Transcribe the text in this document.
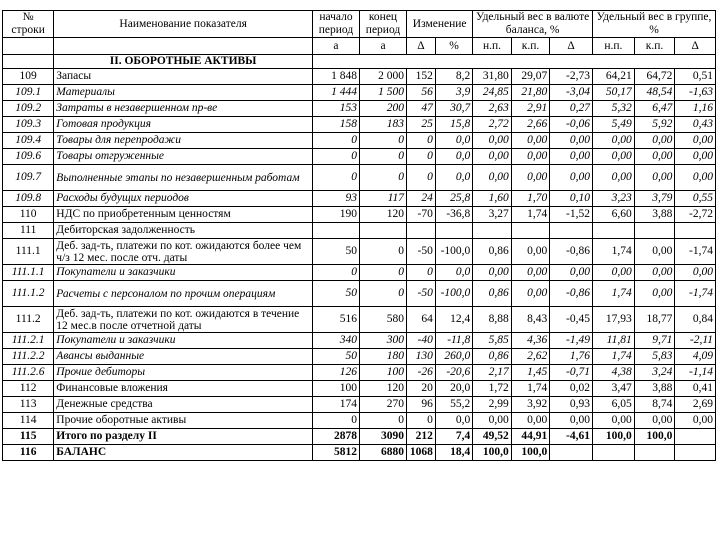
№ строки	Наименование показателя	начало период	конец период	Изменение		Удельный вес в валюте баланса, %			Удельный вес в группе, %		

		а	а	Δ	%	н.п.	к.п.	Δ	н.п.	к.п.	Δ
	II. ОБОРОТНЫЕ АКТИВЫ										
109	Запасы	1 848	2 000	152	8,2	31,80	29,07	-2,73	64,21	64,72	0,51
109.1	Материалы	1 444	1 500	56	3,9	24,85	21,80	-3,04	50,17	48,54	-1,63
109.2	Затраты в незавершенном пр-ве	153	200	47	30,7	2,63	2,91	0,27	5,32	6,47	1,16
109.3	Готовая продукция	158	183	25	15,8	2,72	2,66	-0,06	5,49	5,92	0,43
109.4	Товары для перепродажи	0	0	0	0,0	0,00	0,00	0,00	0,00	0,00	0,00
109.6	Товары отгруженные	0	0	0	0,0	0,00	0,00	0,00	0,00	0,00	0,00
109.7	Выполненные этапы по незавершенным работам	0	0	0	0,0	0,00	0,00	0,00	0,00	0,00	0,00
109.8	Расходы будущих периодов	93	117	24	25,8	1,60	1,70	0,10	3,23	3,79	0,55
110	НДС по приобретенным ценностям	190	120	-70	-36,8	3,27	1,74	-1,52	6,60	3,88	-2,72
111	Дебиторская задолженность										
111.1	Деб. зад-ть, платежи по кот. ожидаются более чем ч/з 12 мес. после отч. даты	50	0	-50	-100,0	0,86	0,00	-0,86	1,74	0,00	-1,74
111.1.1	Покупатели и заказчики	0	0	0	0,0	0,00	0,00	0,00	0,00	0,00	0,00
111.1.2	Расчеты с персоналом по прочим операциям	50	0	-50	-100,0	0,86	0,00	-0,86	1,74	0,00	-1,74
111.2	Деб. зад-ть, платежи по кот. ожидаются в течение 12 мес.в после отчетной даты	516	580	64	12,4	8,88	8,43	-0,45	17,93	18,77	0,84
111.2.1	Покупатели и заказчики	340	300	-40	-11,8	5,85	4,36	-1,49	11,81	9,71	-2,11
111.2.2	Авансы выданные	50	180	130	260,0	0,86	2,62	1,76	1,74	5,83	4,09
111.2.6	Прочие дебиторы	126	100	-26	-20,6	2,17	1,45	-0,71	4,38	3,24	-1,14
112	Финансовые вложения	100	120	20	20,0	1,72	1,74	0,02	3,47	3,88	0,41
113	Денежные средства	174	270	96	55,2	2,99	3,92	0,93	6,05	8,74	2,69
114	Прочие оборотные активы	0	0	0	0,0	0,00	0,00	0,00	0,00	0,00	0,00
115	Итого по разделу II	2878	3090	212	7,4	49,52	44,91	-4,61	100,0	100,0	
116	БАЛАНС	5812	6880	1068	18,4	100,0	100,0				
